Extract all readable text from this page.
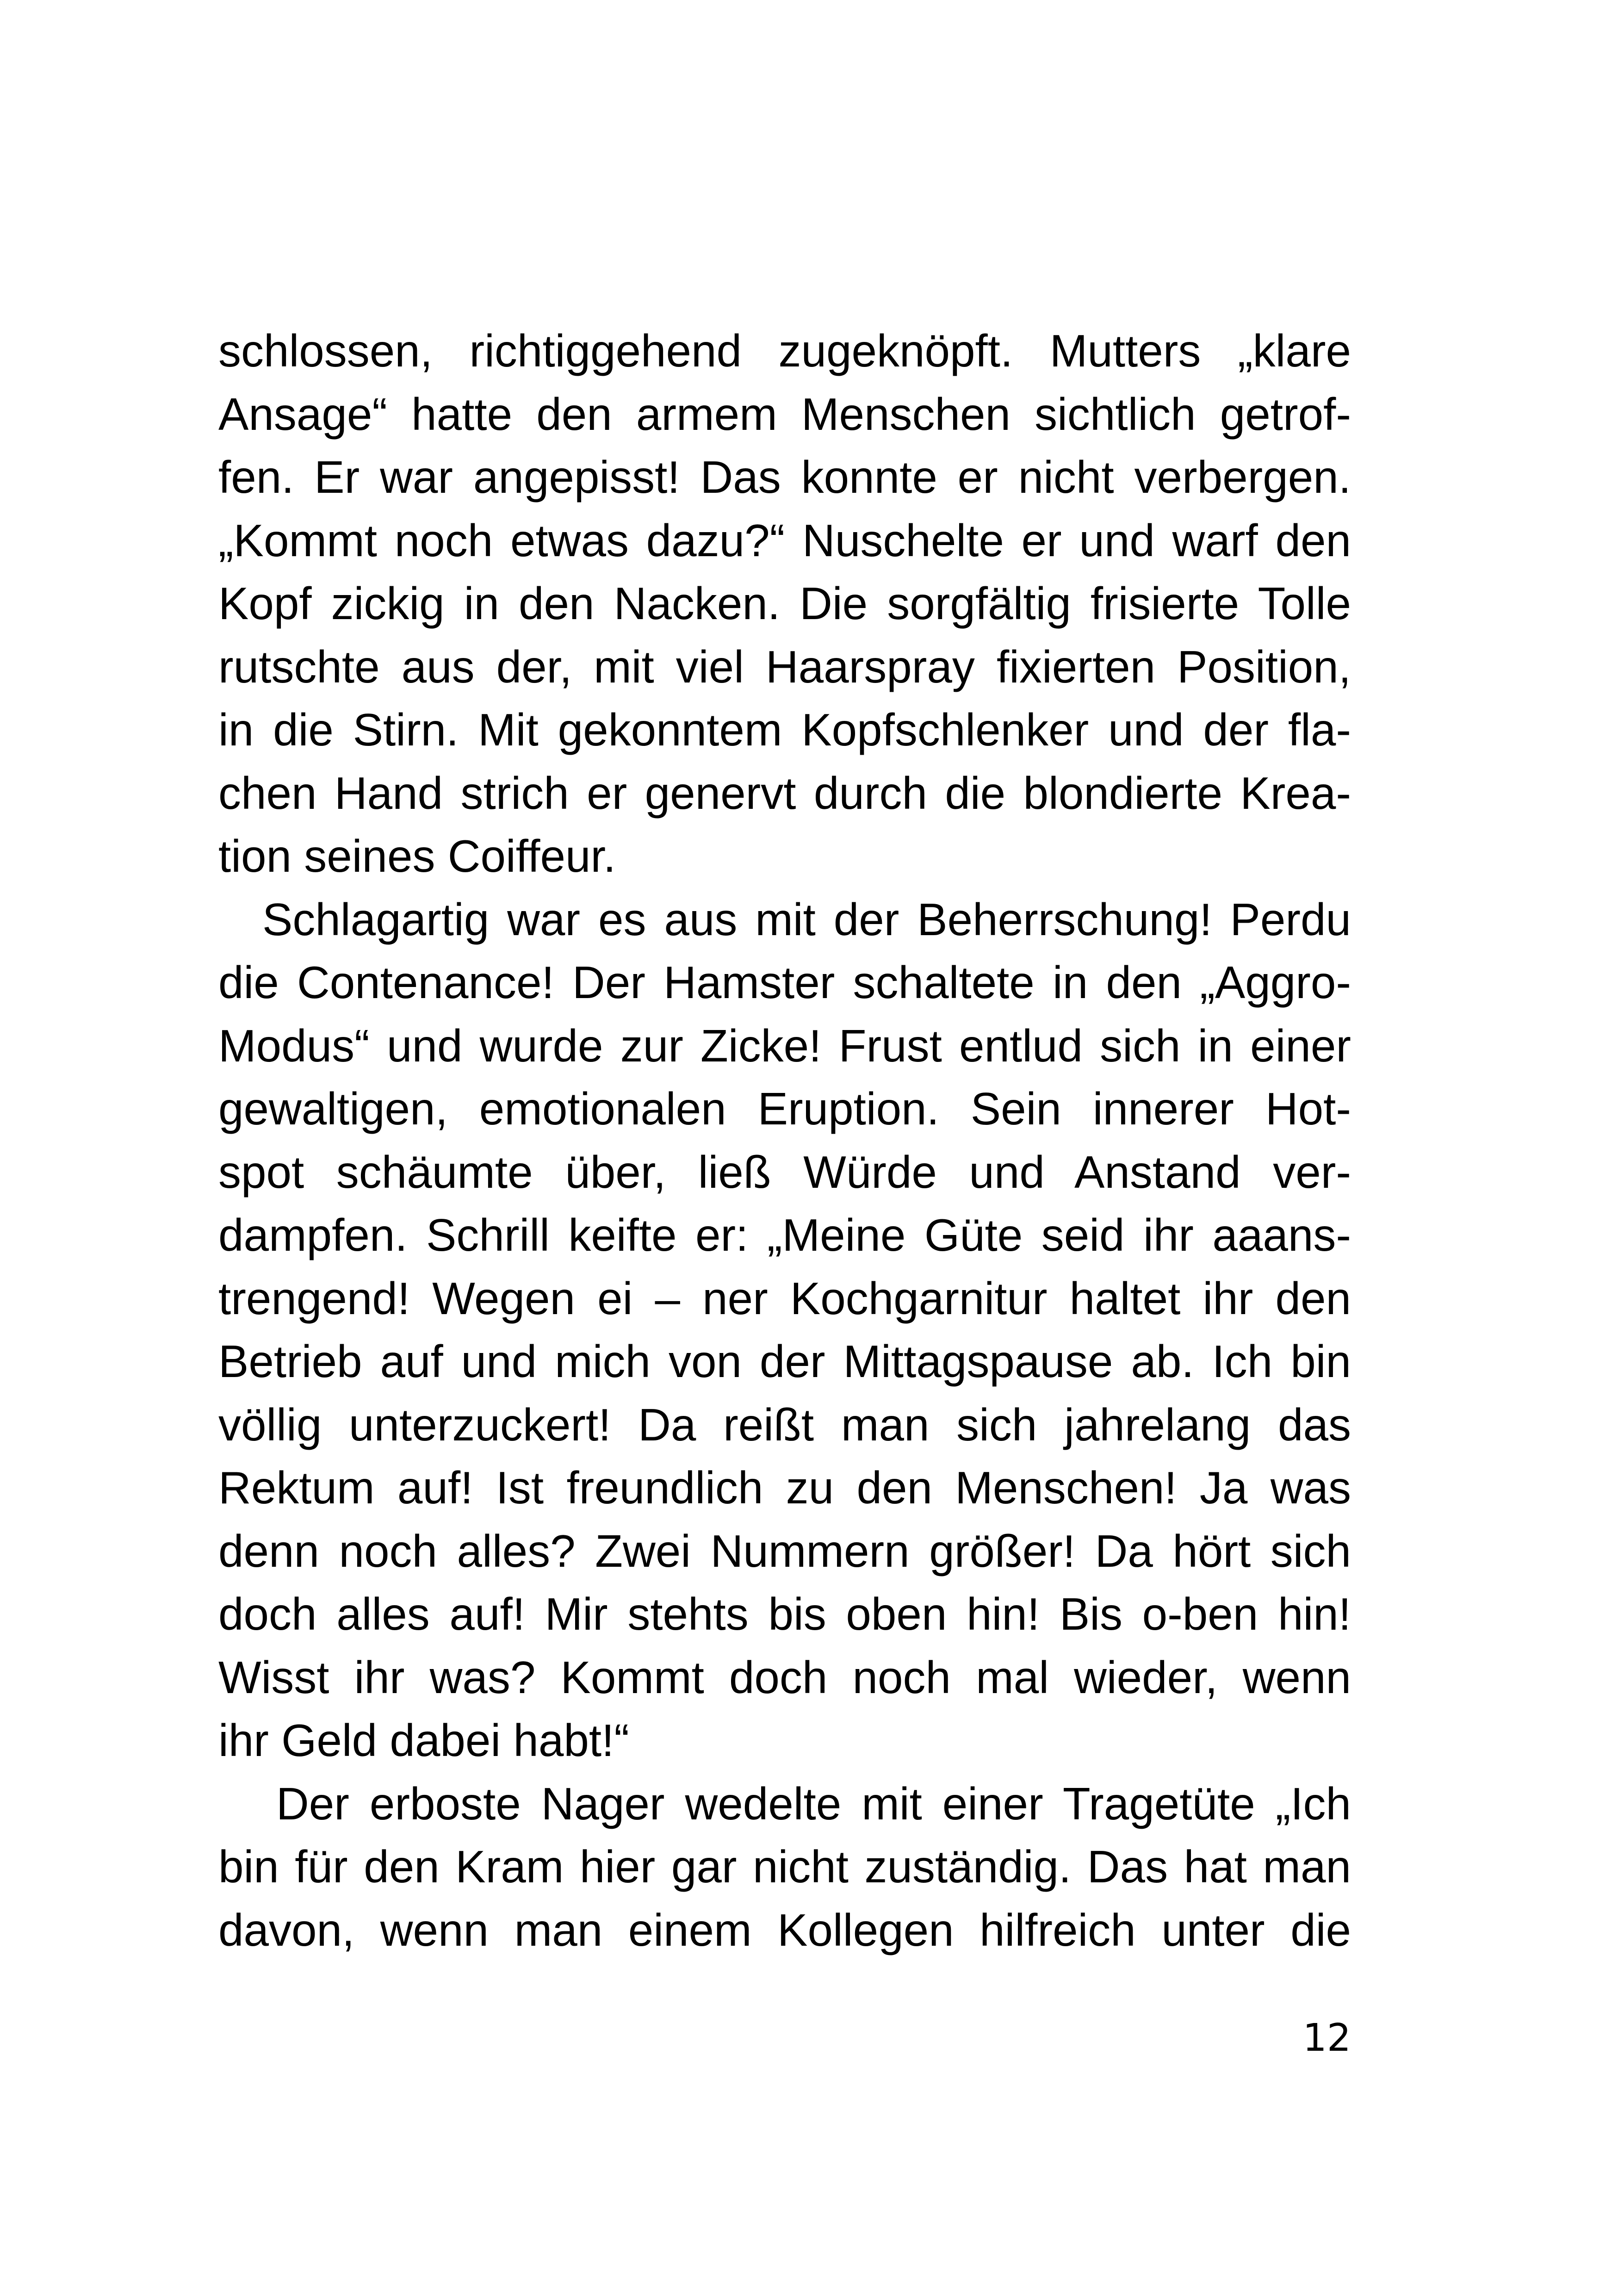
schlossen, richtiggehend zugeknöpft. Mutters „klare
Ansage“ hatte den armem Menschen sichtlich getrof-
fen. Er war angepisst! Das konnte er nicht verbergen.
„Kommt noch etwas dazu?“ Nuschelte er und warf den
Kopf zickig in den Nacken. Die sorgfältig frisierte Tolle
rutschte aus der, mit viel Haarspray fixierten Position,
in die Stirn. Mit gekonntem Kopfschlenker und der fla-
chen Hand strich er genervt durch die blondierte Krea-
tion seines Coiffeur.
Schlagartig war es aus mit der Beherrschung! Perdu
die Contenance! Der Hamster schaltete in den „Aggro-
Modus“ und wurde zur Zicke! Frust entlud sich in einer
gewaltigen, emotionalen Eruption. Sein innerer Hot-
spot schäumte über, ließ Würde und Anstand ver-
dampfen. Schrill keifte er: „Meine Güte seid ihr aaans-
trengend! Wegen ei – ner Kochgarnitur haltet ihr den
Betrieb auf und mich von der Mittagspause ab. Ich bin
völlig unterzuckert! Da reißt man sich jahrelang das
Rektum auf! Ist freundlich zu den Menschen! Ja was
denn noch alles? Zwei Nummern größer! Da hört sich
doch alles auf! Mir stehts bis oben hin! Bis o-ben hin!
Wisst ihr was? Kommt doch noch mal wieder, wenn
ihr Geld dabei habt!“
Der erboste Nager wedelte mit einer Tragetüte „Ich
bin für den Kram hier gar nicht zuständig. Das hat man
davon, wenn man einem Kollegen hilfreich unter die
12
